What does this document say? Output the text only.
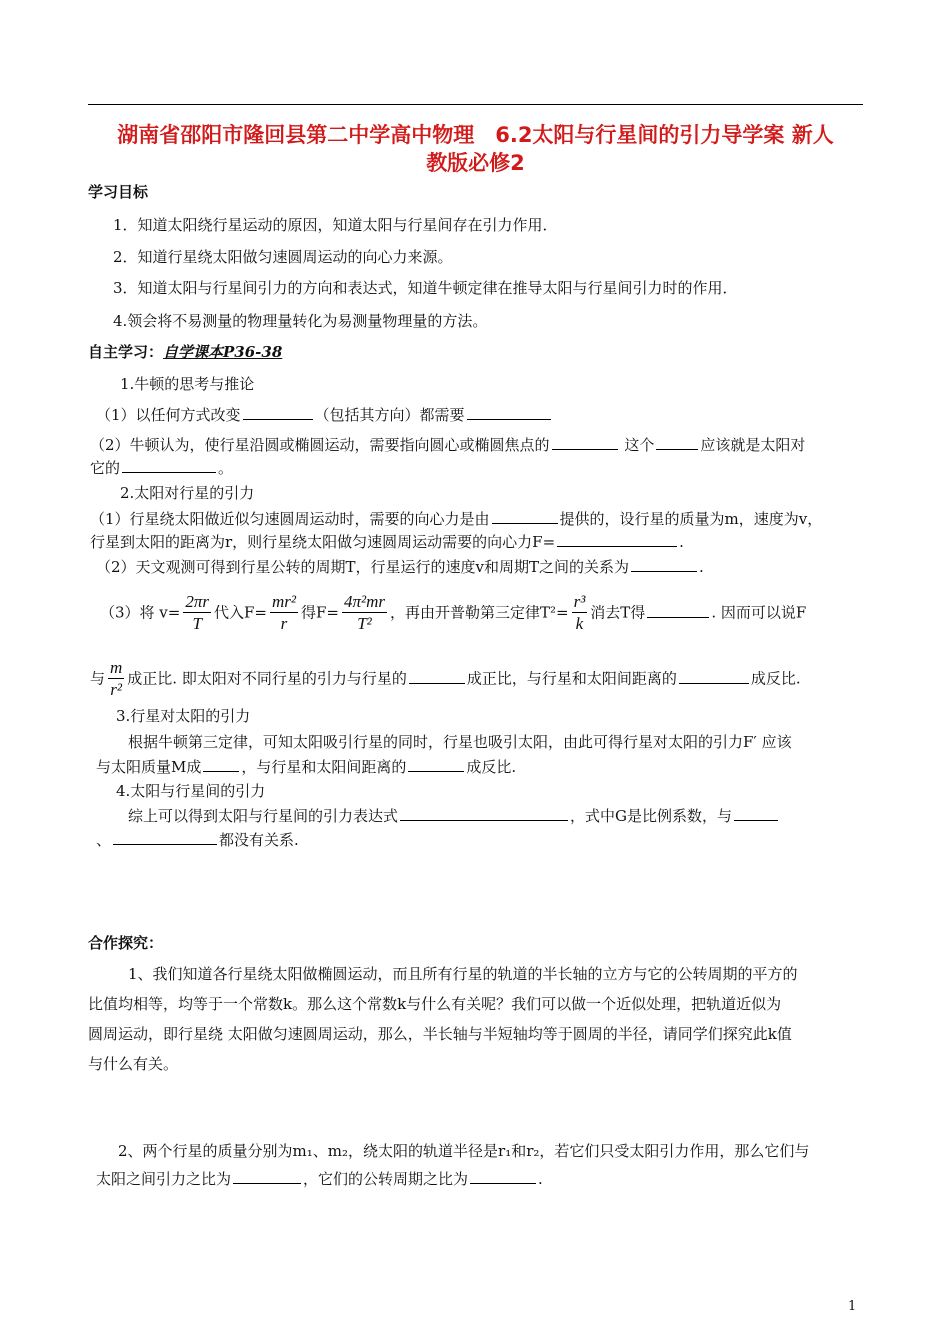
湖南省邵阳市隆回县第二中学高中物理　6.2太阳与行星间的引力导学案 新人
教版必修2
学习目标
1．知道太阳绕行星运动的原因，知道太阳与行星间存在引力作用．
2．知道行星绕太阳做匀速圆周运动的向心力来源。
3．知道太阳与行星间引力的方向和表达式，知道牛顿定律在推导太阳与行星间引力时的作用．
4.领会将不易测量的物理量转化为易测量物理量的方法。
自主学习：自学课本P36-38
1.牛顿的思考与推论
（1）以任何方式改变	（包括其方向）都需要
（2）牛顿认为，使行星沿圆或椭圆运动，需要指向圆心或椭圆焦点的	这个	应该就是太阳对
它的	。
2.太阳对行星的引力
（1）行星绕太阳做近似匀速圆周运动时，需要的向心力是由	提供的，设行星的质量为m，速度为v，
行星到太阳的距离为r，则行星绕太阳做匀速圆周运动需要的向心力F=	.
（2）天文观测可得到行星公转的周期T，行星运行的速度v和周期T之间的关系为	.
（3）将 $v= \frac{2\pi r}{T}$ 代入$F= \frac{\text{mr²}}{r}$ 得$F= \frac{\text{4π²mr}}{\text{T²}}$ ，再由开普勒第三定律$T^2= \frac{\text{r³}}{k}$ 消去T得	. 因而可以说F
与 $\frac{m}{\text{r²}}$ 成正比. 即太阳对不同行星的引力与行星的	成正比，与行星和太阳间距离的	成反比.
3.行星对太阳的引力
根据牛顿第三定律，可知太阳吸引行星的同时，行星也吸引太阳，由此可得行星对太阳的引力F′ 应该
与太阳质量M成	，与行星和太阳间距离的	成反比.
4.太阳与行星间的引力
综上可以得到太阳与行星间的引力表达式	，式中G是比例系数，与
、	都没有关系.
合作探究：
1、我们知道各行星绕太阳做椭圆运动，而且所有行星的轨道的半长轴的立方与它的公转周期的平方的
比值均相等，均等于一个常数k。那么这个常数k与什么有关呢？我们可以做一个近似处理，把轨道近似为
圆周运动，即行星绕 太阳做匀速圆周运动，那么，半长轴与半短轴均等于圆周的半径，请同学们探究此k值
与什么有关。
2、两个行星的质量分别为m₁、m₂，绕太阳的轨道半径是r₁和r₂，若它们只受太阳引力作用，那么它们与
太阳之间引力之比为	，它们的公转周期之比为	.
1
